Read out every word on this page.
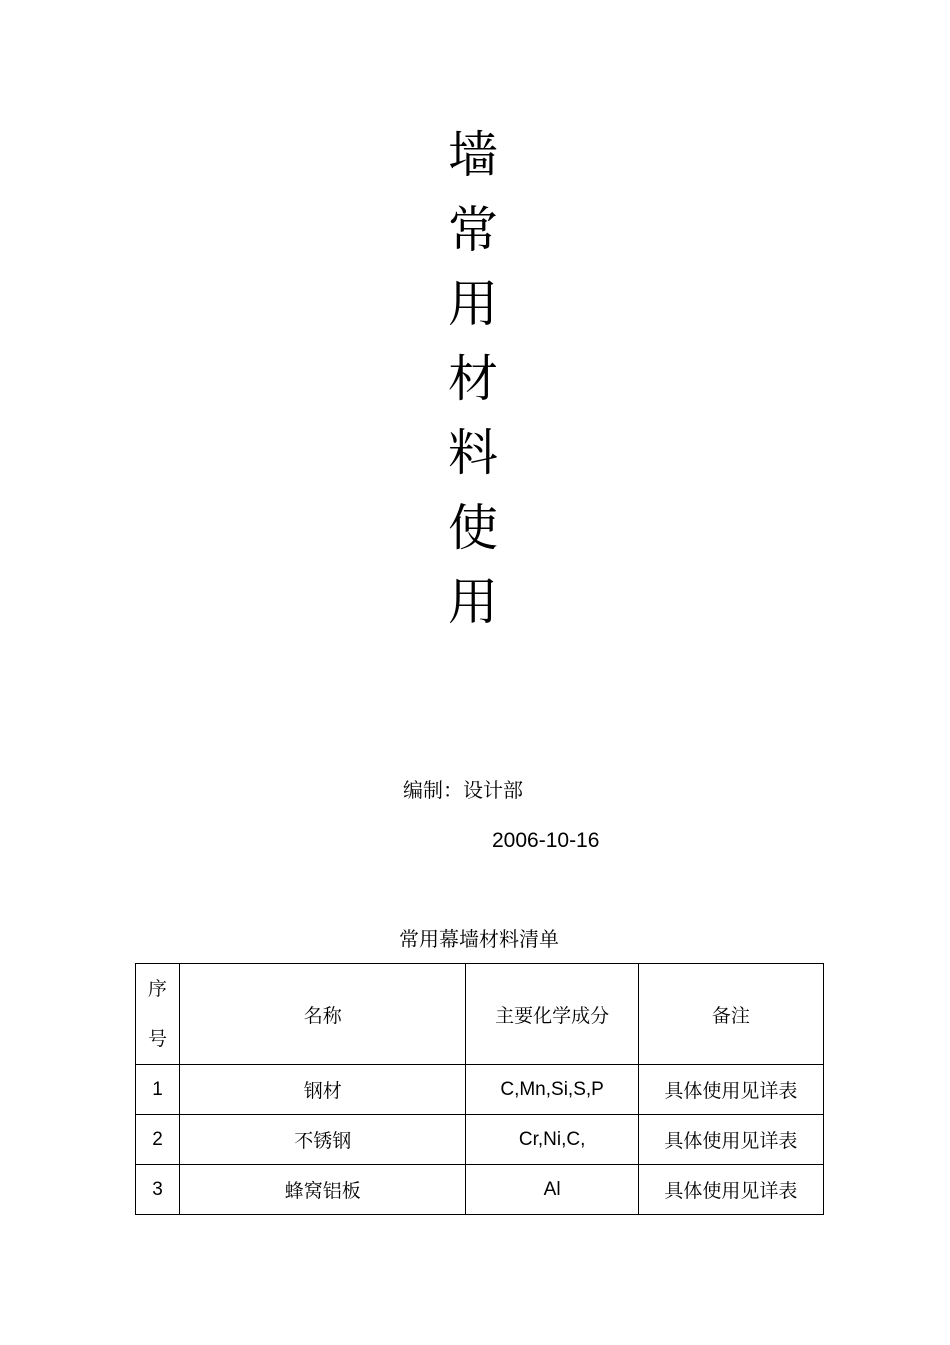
墙
常
用
材
料
使
用
编制：设计部
2006-10-16
常用幕墙材料清单
序
号	名称	主要化学成分	备注
1	钢材	C,Mn,Si,S,P	具体使用见详表
2	不锈钢	Cr,Ni,C,	具体使用见详表
3	蜂窝铝板	Al	具体使用见详表
